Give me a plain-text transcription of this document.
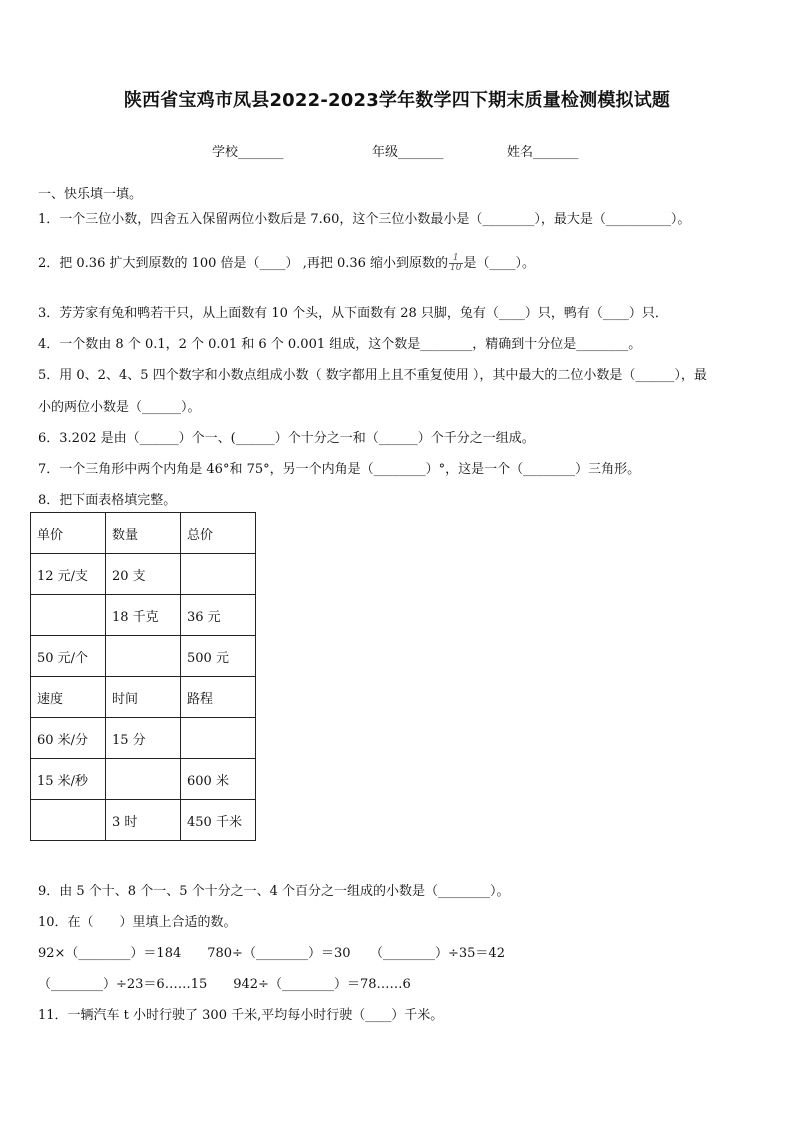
陕西省宝鸡市凤县2022-2023学年数学四下期末质量检测模拟试题
学校_______	年级_______	姓名_______
一、快乐填一填。
1．一个三位小数，四舍五入保留两位小数后是 7.60，这个三位小数最小是（________），最大是（__________）。
2．把 0.36 扩大到原数的 100 倍是（____） ,再把 0.36 缩小到原数的 $\frac{1}{10}$ 是（____）。
3．芳芳家有兔和鸭若干只，从上面数有 10 个头，从下面数有 28 只脚，兔有（____）只，鸭有（____）只．
4．一个数由 8 个 0.1，2 个 0.01 和 6 个 0.001 组成，这个数是________，精确到十分位是________。
5．用 0、2、4、5 四个数字和小数点组成小数（ 数字都用上且不重复使用 ），其中最大的二位小数是（______），最
小的两位小数是（______）。
6．3.202 是由（______）个一、(______）个十分之一和（______）个千分之一组成。
7．一个三角形中两个内角是 46°和 75°，另一个内角是（________）°，这是一个（________）三角形。
8．把下面表格填完整。
单价	数量	总价
12 元/支	20 支	
	18 千克	36 元
50 元/个		500 元
速度	时间	路程
60 米/分	15 分	
15 米/秒		600 米
	3 时	450 千米
9．由 5 个十、8 个一、5 个十分之一、4 个百分之一组成的小数是（________）。
10．在（　　）里填上合适的数。
92×（________）＝184　　780÷（________）＝30　　（________）÷35＝42
（________）÷23＝6……15　　942÷（________）＝78……6
11．一辆汽车 t 小时行驶了 300 千米,平均每小时行驶（____）千米。
